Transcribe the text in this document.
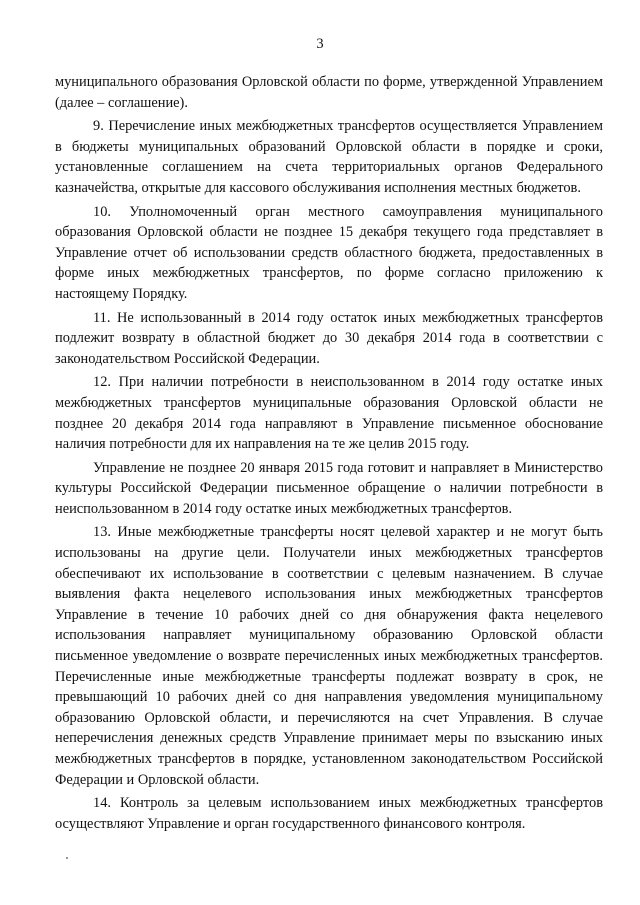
3

муниципального образования Орловской области по форме, утвержденной Управлением (далее – соглашение).

9. Перечисление иных межбюджетных трансфертов осуществляется Управлением в бюджеты муниципальных образований Орловской области в порядке и сроки, установленные соглашением на счета территориальных органов Федерального казначейства, открытые для кассового обслуживания исполнения местных бюджетов.

10. Уполномоченный орган местного самоуправления муниципального образования Орловской области не позднее 15 декабря текущего года представляет в Управление отчет об использовании средств областного бюджета, предоставленных в форме иных межбюджетных трансфертов, по форме согласно приложению к настоящему Порядку.

11. Не использованный в 2014 году остаток иных межбюджетных трансфертов подлежит возврату в областной бюджет до 30 декабря 2014 года в соответствии с законодательством Российской Федерации.

12. При наличии потребности в неиспользованном в 2014 году остатке иных межбюджетных трансфертов муниципальные образования Орловской области не позднее 20 декабря 2014 года направляют в Управление письменное обоснование наличия потребности для их направления на те же целив 2015 году.

Управление не позднее 20 января 2015 года готовит и направляет в Министерство культуры Российской Федерации письменное обращение о наличии потребности в неиспользованном в 2014 году остатке иных межбюджетных трансфертов.

13. Иные межбюджетные трансферты носят целевой характер и не могут быть использованы на другие цели. Получатели иных межбюджетных трансфертов обеспечивают их использование в соответствии с целевым назначением. В случае выявления факта нецелевого использования иных межбюджетных трансфертов Управление в течение 10 рабочих дней со дня обнаружения факта нецелевого использования направляет муниципальному образованию Орловской области письменное уведомление о возврате перечисленных иных межбюджетных трансфертов. Перечисленные иные межбюджетные трансферты подлежат возврату в срок, не превышающий 10 рабочих дней со дня направления уведомления муниципальному образованию Орловской области, и перечисляются на счет Управления. В случае неперечисления денежных средств Управление принимает меры по взысканию иных межбюджетных трансфертов в порядке, установленном законодательством Российской Федерации и Орловской области.

14. Контроль за целевым использованием иных межбюджетных трансфертов осуществляют Управление и орган государственного финансового контроля.
